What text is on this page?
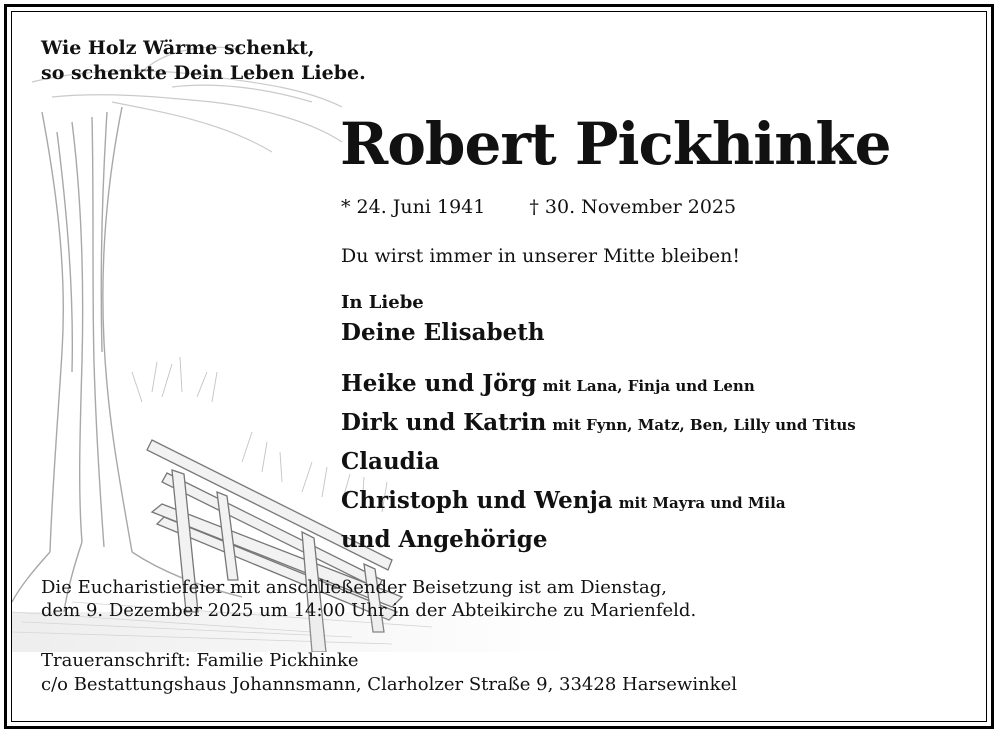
Wie Holz Wärme schenkt,
so schenkte Dein Leben Liebe.
Robert Pickhinke
* 24. Juni 1941 † 30. November 2025
Du wirst immer in unserer Mitte bleiben!
In Liebe
Deine Elisabeth
Heike und Jörg mit Lana, Finja und Lenn
Dirk und Katrin mit Fynn, Matz, Ben, Lilly und Titus
Claudia
Christoph und Wenja mit Mayra und Mila
und Angehörige
Die Eucharistiefeier mit anschließender Beisetzung ist am Dienstag,
dem 9. Dezember 2025 um 14:00 Uhr in der Abteikirche zu Marienfeld.
Traueranschrift: Familie Pickhinke
c/o Bestattungshaus Johannsmann, Clarholzer Straße 9, 33428 Harsewinkel
